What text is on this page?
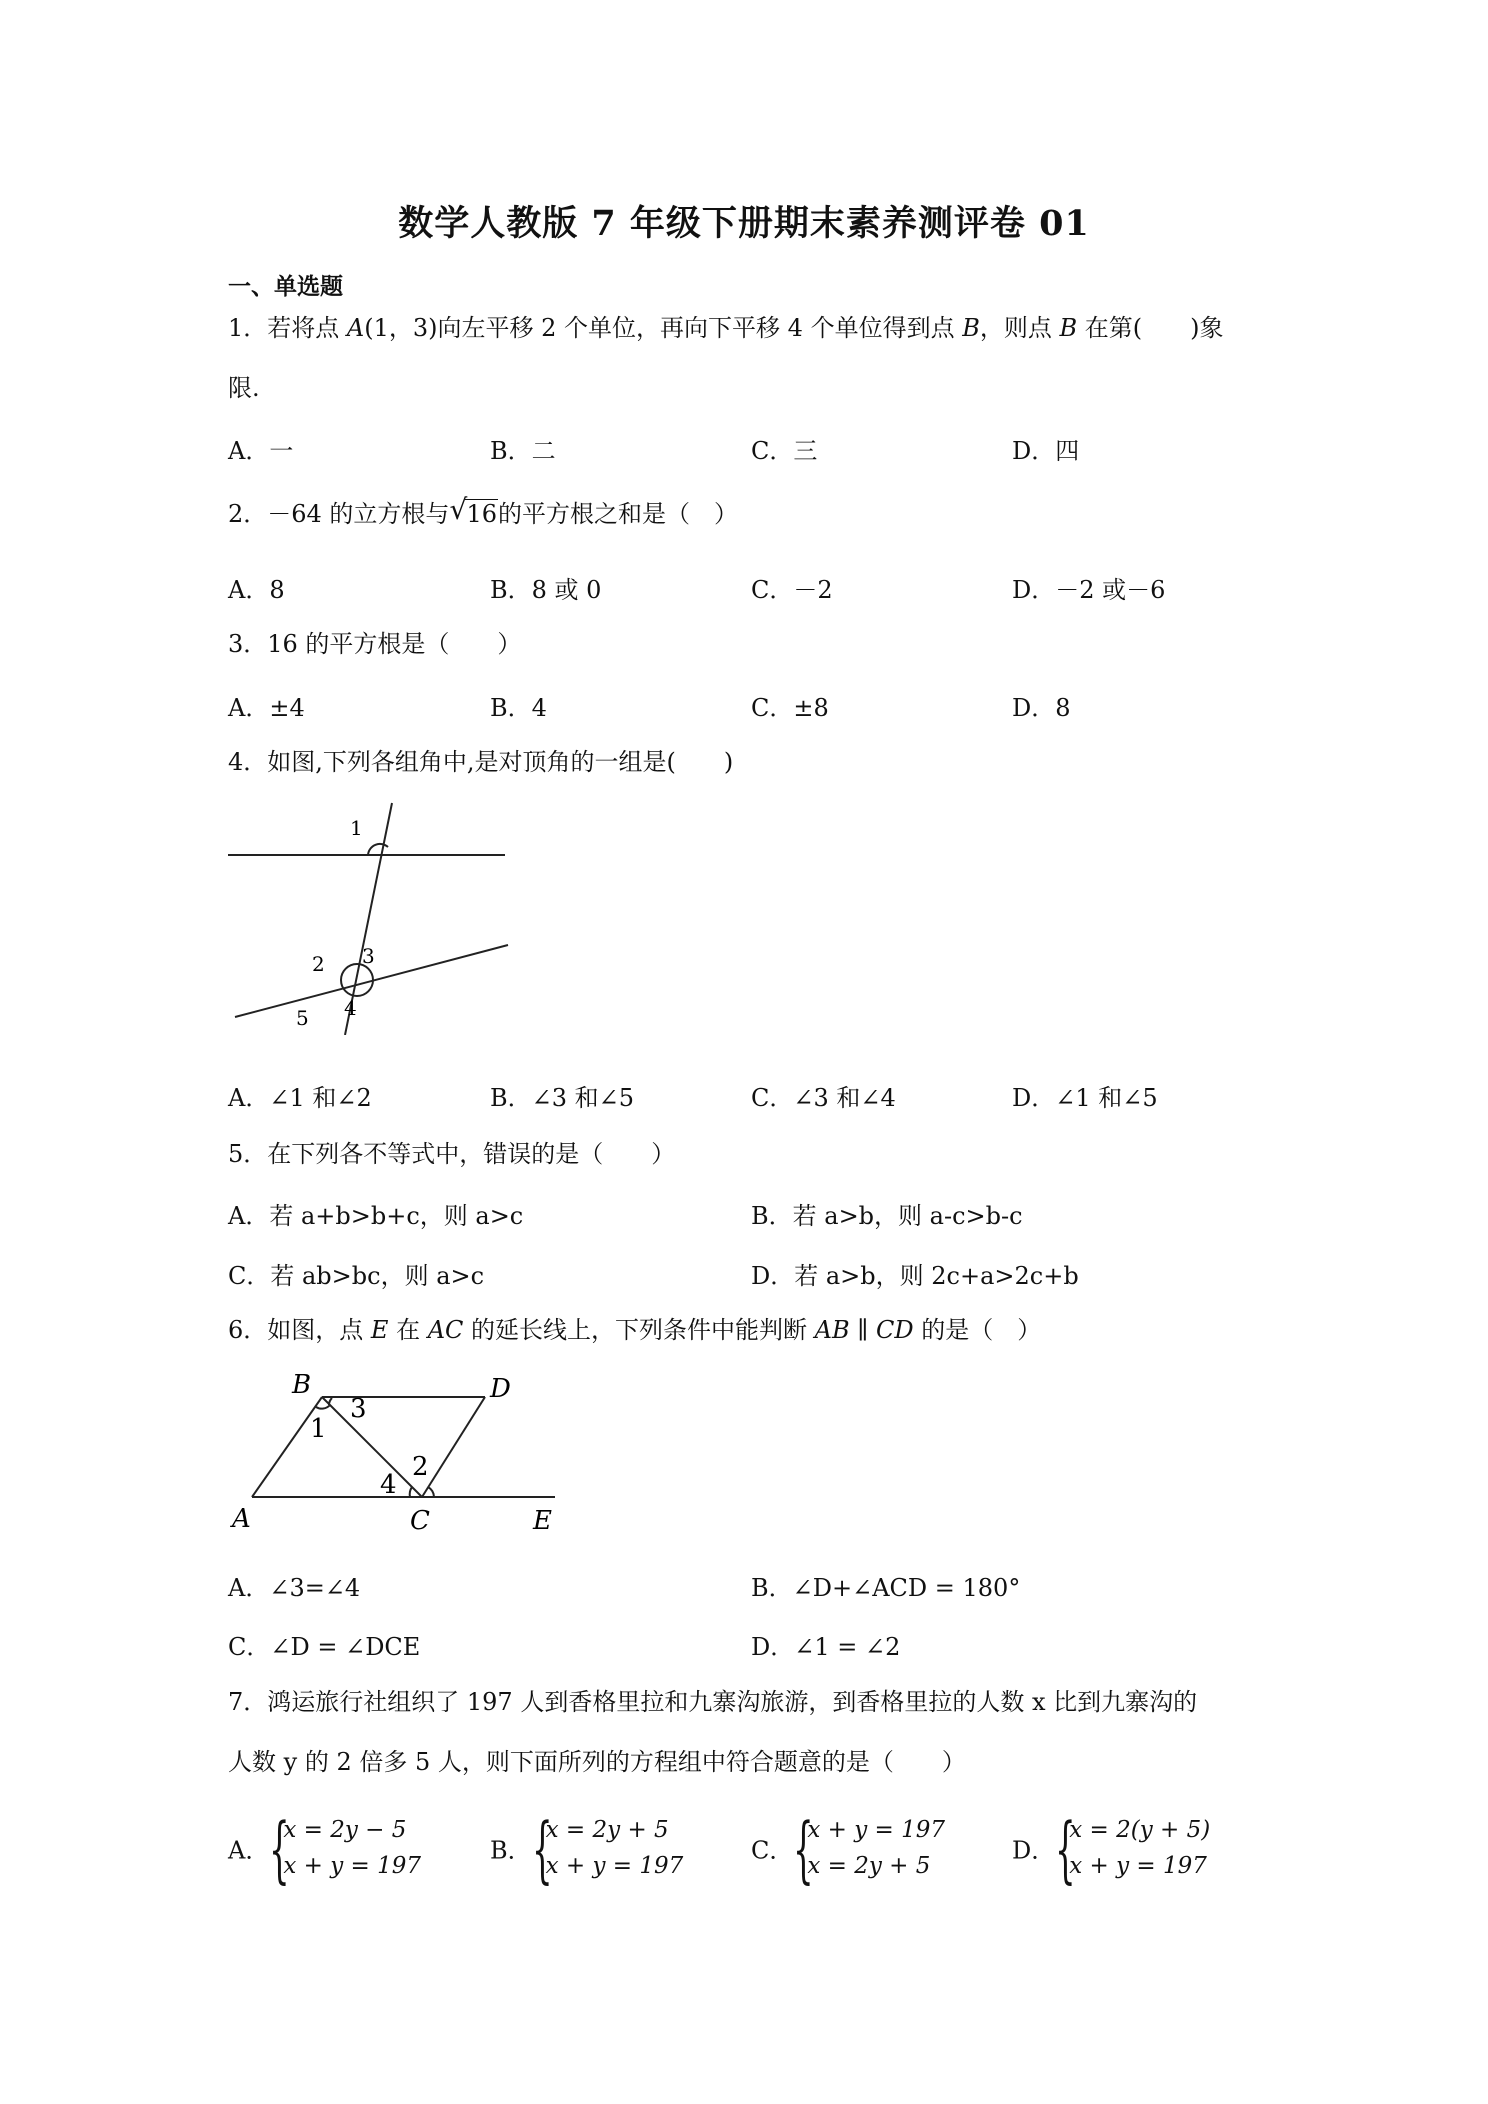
数学人教版 7 年级下册期末素养测评卷 01
一、单选题
1．若将点 A(1，3)向左平移 2 个单位，再向下平移 4 个单位得到点 B，则点 B 在第(　　)象
限.
A．一	B．二	C．三	D．四
2．－64 的立方根与 √ 16的平方根之和是（　）
A．8	B．8 或 0	C．－2	D．－2 或－6
3．16 的平方根是（　　）
A．±4	B．4	C．±8	D．8
4．如图,下列各组角中,是对顶角的一组是(　　)
1
2 3
4
5
A．∠1 和∠2	B．∠3 和∠5	C．∠3 和∠4	D．∠1 和∠5
5．在下列各不等式中，错误的是（　　）
A．若 a+b>b+c，则 a>c	B．若 a>b，则 a-c>b-c
C．若 ab>bc，则 a>c	D．若 a>b，则 2c+a>2c+b
6．如图，点 E 在 AC 的延长线上，下列条件中能判断 AB ∥ CD 的是（　）
A
B
C
D
E
1
2
3
4
A．∠3=∠4	B．∠D+∠ACD = 180°
C．∠D = ∠DCE	D．∠1 = ∠2
7．鸿运旅行社组织了 197 人到香格里拉和九寨沟旅游，到香格里拉的人数 x 比到九寨沟的
人数 y 的 2 倍多 5 人，则下面所列的方程组中符合题意的是（　　）
A． {
x = 2y − 5
x + y = 197
B． {
x = 2y + 5
x + y = 197
C． {
x + y = 197
x = 2y + 5
D． {
x = 2(y + 5)
x + y = 197
